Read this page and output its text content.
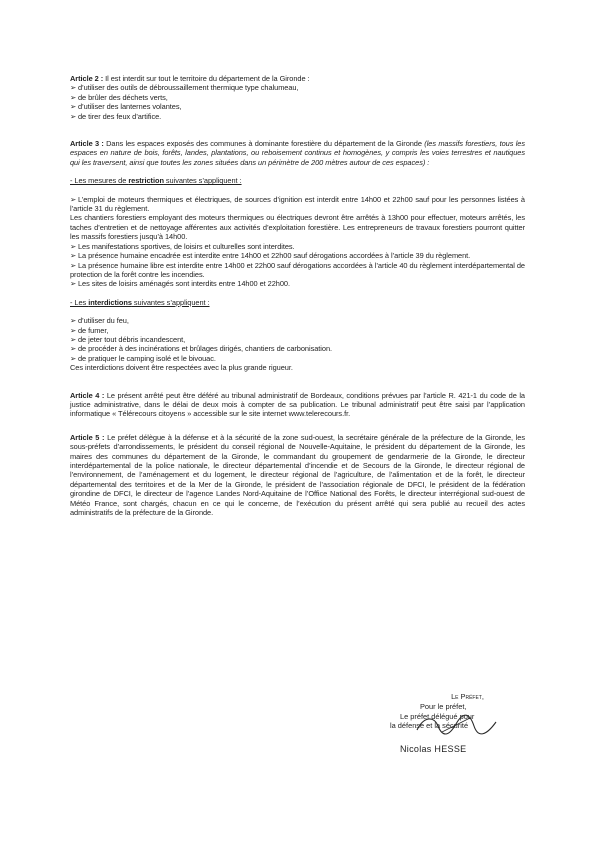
Article 2 : Il est interdit sur tout le territoire du département de la Gironde :

➢ d’utiliser des outils de débroussaillement thermique type chalumeau,
➢ de brûler des déchets verts,
➢ d’utiliser des lanternes volantes,
➢ de tirer des feux d’artifice.

Article 3 : Dans les espaces exposés des communes à dominante forestière du département de la Gironde (les massifs forestiers, tous les espaces en nature de bois, forêts, landes, plantations, ou reboisement continus et homogènes, y compris les voies terrestres et nautiques qui les traversent, ainsi que toutes les zones situées dans un périmètre de 200 mètres autour de ces espaces) :

- Les mesures de restriction suivantes s’appliquent :

➢ L’emploi de moteurs thermiques et électriques, de sources d’ignition est interdit entre 14h00 et 22h00 sauf pour les personnes listées à l’article 31 du règlement.

Les chantiers forestiers employant des moteurs thermiques ou électriques devront être arrêtés à 13h00 pour effectuer, moteurs arrêtés, les taches d’entretien et de nettoyage afférentes aux activités d’exploitation forestière. Les entrepreneurs de travaux forestiers pourront quitter les massifs forestiers jusqu’à 14h00.

➢ Les manifestations sportives, de loisirs et culturelles sont interdites.

➢ La présence humaine encadrée est interdite entre 14h00 et 22h00 sauf dérogations accordées à l’article 39 du règlement.

➢ La présence humaine libre est interdite entre 14h00 et 22h00 sauf dérogations accordées à l’article 40 du règlement interdépartemental de protection de la forêt contre les incendies.

➢ Les sites de loisirs aménagés sont interdits entre 14h00 et 22h00.

- Les interdictions suivantes s’appliquent :

➢ d’utiliser du feu,
➢ de fumer,
➢ de jeter tout débris incandescent,
➢ de procéder à des incinérations et brûlages dirigés, chantiers de carbonisation.
➢ de pratiquer le camping isolé et le bivouac.
Ces interdictions doivent être respectées avec la plus grande rigueur.

Article 4 : Le présent arrêté peut être déféré au tribunal administratif de Bordeaux, conditions prévues par l’article R. 421-1 du code de la justice administrative, dans le délai de deux mois à compter de sa publication. Le tribunal administratif peut être saisi par l’application informatique « Télérecours citoyens » accessible sur le site internet www.telerecours.fr.

Article 5 : Le préfet délègue à la défense et à la sécurité de la zone sud-ouest, la secrétaire générale de la préfecture de la Gironde, les sous-préfets d’arrondissements, le président du conseil régional de Nouvelle-Aquitaine, le président du département de la Gironde, les maires des communes du département de la Gironde, le commandant du groupement de gendarmerie de la Gironde, le directeur interdépartemental de la police nationale, le directeur départemental d’incendie et de Secours de la Gironde, le directeur régional de l’environnement, de l’aménagement et du logement, le directeur régional de l’agriculture, de l’alimentation et de la forêt, le directeur départemental des territoires et de la Mer de la Gironde, le président de l’association régionale de DFCI, le président de la fédération girondine de DFCI, le directeur de l’agence Landes Nord-Aquitaine de l’Office National des Forêts, le directeur interrégional sud-ouest de Météo France, sont chargés, chacun en ce qui le concerne, de l’exécution du présent arrêté qui sera publié au recueil des actes administratifs de la préfecture de la Gironde.

Le Préfet,
Pour le préfet,
Le préfet délégué pour
la défense et la sécurité
Nicolas HESSE
